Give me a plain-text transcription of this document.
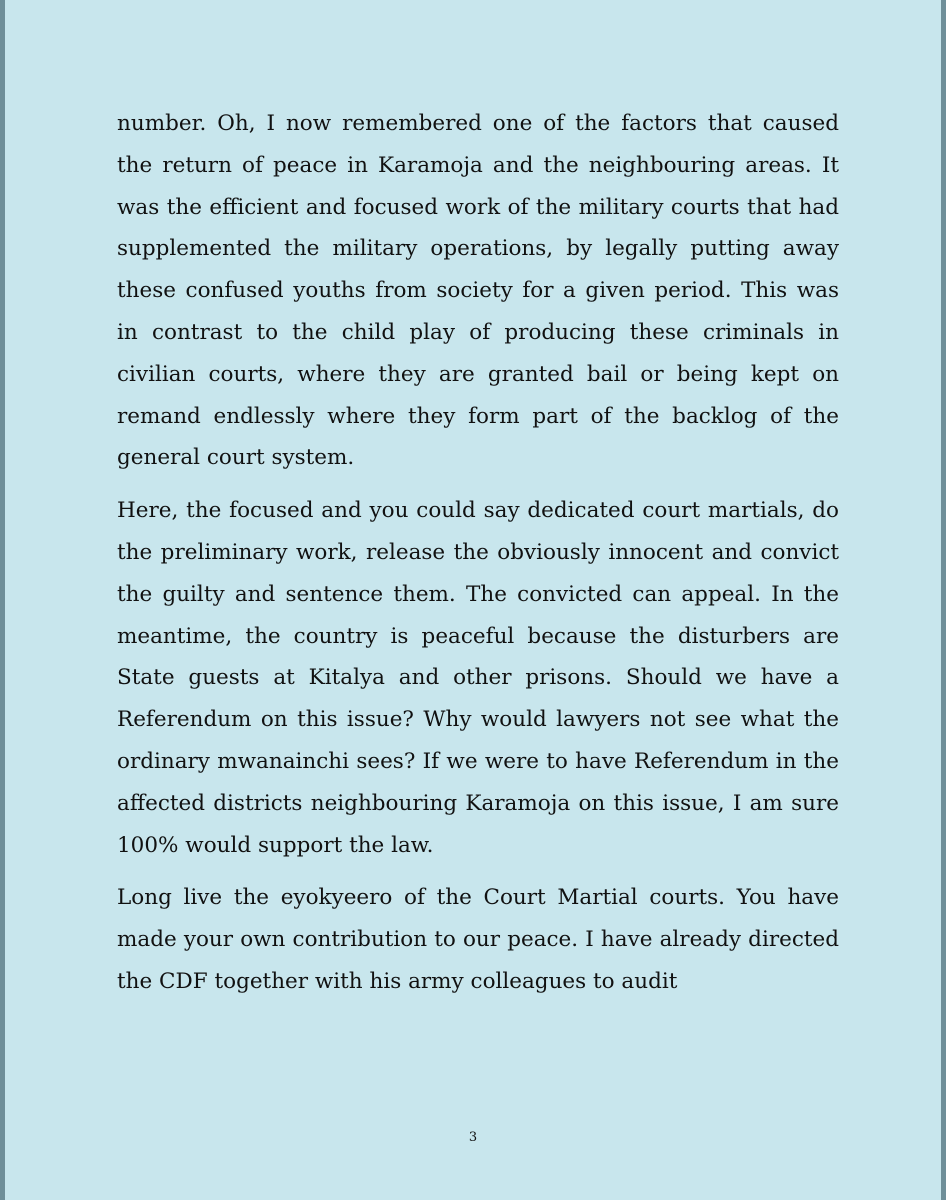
number. Oh, I now remembered one of the factors that caused the return of peace in Karamoja and the neighbouring areas. It was the efficient and focused work of the military courts that had supplemented the military operations, by legally putting away these confused youths from society for a given period. This was in contrast to the child play of producing these criminals in civilian courts, where they are granted bail or being kept on remand endlessly where they form part of the backlog of the general court system.

Here, the focused and you could say dedicated court martials, do the preliminary work, release the obviously innocent and convict the guilty and sentence them. The convicted can appeal. In the meantime, the country is peaceful because the disturbers are State guests at Kitalya and other prisons. Should we have a Referendum on this issue? Why would lawyers not see what the ordinary mwanainchi sees? If we were to have Referendum in the affected districts neighbouring Karamoja on this issue, I am sure 100% would support the law.

Long live the eyokyeero of the Court Martial courts. You have made your own contribution to our peace. I have already directed the CDF together with his army colleagues to audit

3
